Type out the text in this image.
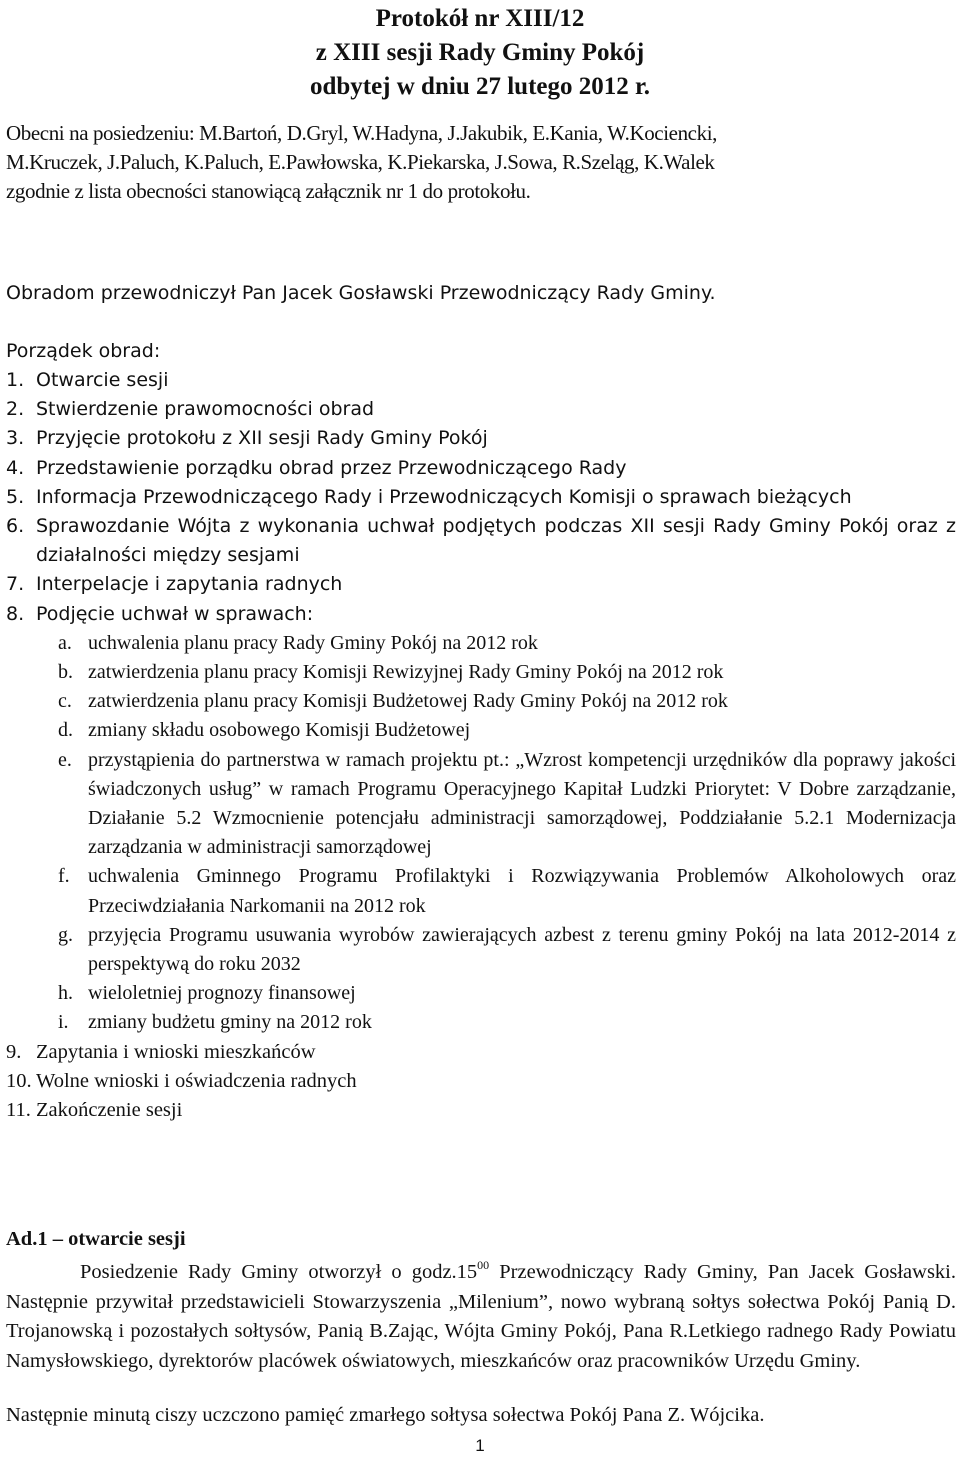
Protokół nr XIII/12
z XIII sesji Rady Gminy Pokój
odbytej w dniu 27 lutego 2012 r.
Obecni na posiedzeniu: M.Bartoń, D.Gryl, W.Hadyna, J.Jakubik, E.Kania, W.Kociencki,
M.Kruczek, J.Paluch, K.Paluch, E.Pawłowska, K.Piekarska, J.Sowa, R.Szeląg, K.Walek
zgodnie z lista obecności stanowiącą załącznik nr 1 do protokołu.
Obradom przewodniczył Pan Jacek Gosławski Przewodniczący Rady Gminy.
Porządek obrad:
1. Otwarcie sesji
2. Stwierdzenie prawomocności obrad
3. Przyjęcie protokołu z XII sesji Rady Gminy Pokój
4. Przedstawienie porządku obrad przez Przewodniczącego Rady
5. Informacja Przewodniczącego Rady i Przewodniczących Komisji o sprawach bieżących
6. Sprawozdanie Wójta z wykonania uchwał podjętych podczas XII sesji Rady Gminy Pokój oraz z działalności między sesjami
7. Interpelacje i zapytania radnych
8. Podjęcie uchwał w sprawach:
a. uchwalenia planu pracy Rady Gminy Pokój na 2012 rok
b. zatwierdzenia planu pracy Komisji Rewizyjnej Rady Gminy Pokój na 2012 rok
c. zatwierdzenia planu pracy Komisji Budżetowej Rady Gminy Pokój na 2012 rok
d. zmiany składu osobowego Komisji Budżetowej
e. przystąpienia do partnerstwa w ramach projektu pt.: „Wzrost kompetencji urzędników dla poprawy jakości świadczonych usług” w ramach Programu Operacyjnego Kapitał Ludzki Priorytet: V Dobre zarządzanie, Działanie 5.2 Wzmocnienie potencjału administracji samorządowej, Poddziałanie 5.2.1 Modernizacja zarządzania w administracji samorządowej
f. uchwalenia Gminnego Programu Profilaktyki i Rozwiązywania Problemów Alkoholowych oraz Przeciwdziałania Narkomanii na 2012 rok
g. przyjęcia Programu usuwania wyrobów zawierających azbest z terenu gminy Pokój na lata 2012-2014 z perspektywą do roku 2032
h. wieloletniej prognozy finansowej
i. zmiany budżetu gminy na 2012 rok
9. Zapytania i wnioski mieszkańców
10. Wolne wnioski i oświadczenia radnych
11. Zakończenie sesji
Ad.1 – otwarcie sesji
Posiedzenie Rady Gminy otworzył o $godz.15^{00}$ Przewodniczący Rady Gminy, Pan Jacek Gosławski. Następnie przywitał przedstawicieli Stowarzyszenia „Milenium”, nowo wybraną sołtys sołectwa Pokój Panią D. Trojanowską i pozostałych sołtysów, Panią B.Zając, Wójta Gminy Pokój, Pana R.Letkiego radnego Rady Powiatu Namysłowskiego, dyrektorów placówek oświatowych, mieszkańców oraz pracowników Urzędu Gminy.
Następnie minutą ciszy uczczono pamięć zmarłego sołtysa sołectwa Pokój Pana Z. Wójcika.
1
